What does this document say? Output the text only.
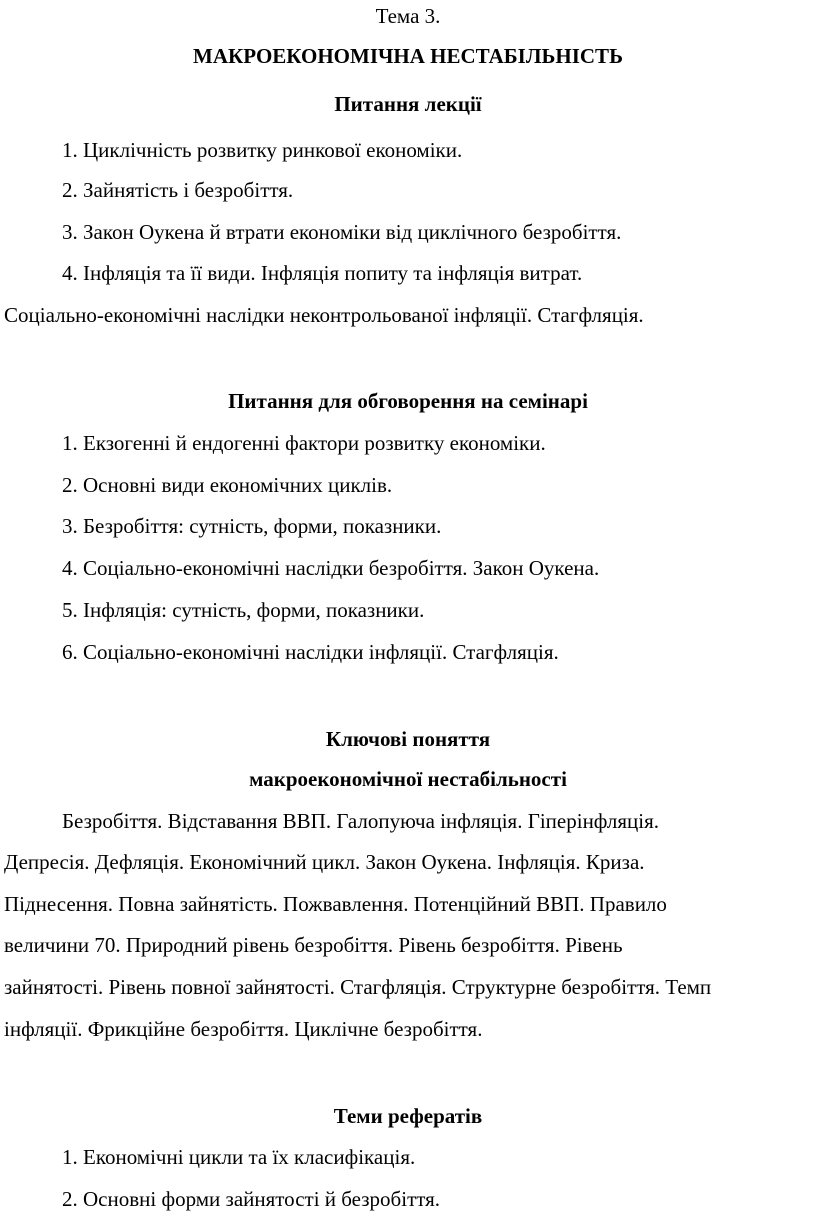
Тема 3.
МАКРОЕКОНОМІЧНА НЕСТАБІЛЬНІСТЬ
Питання лекції
1. Циклічність розвитку ринкової економіки.
2. Зайнятість і безробіття.
3. Закон Оукена й втрати економіки від циклічного безробіття.
4. Інфляція та її види. Інфляція попиту та інфляція витрат.
Соціально-економічні наслідки неконтрольованої інфляції. Стагфляція.
Питання для обговорення на семінарі
1. Екзогенні й ендогенні фактори розвитку економіки.
2. Основні види економічних циклів.
3. Безробіття: сутність, форми, показники.
4. Соціально-економічні наслідки безробіття. Закон Оукена.
5. Інфляція: сутність, форми, показники.
6. Соціально-економічні наслідки інфляції. Стагфляція.
Ключові поняття
макроекономічної нестабільності
Безробіття. Відставання ВВП. Галопуюча інфляція. Гіперінфляція.
Депресія. Дефляція. Економічний цикл. Закон Оукена. Інфляція. Криза.
Піднесення. Повна зайнятість. Пожвавлення. Потенційний ВВП. Правило
величини 70. Природний рівень безробіття. Рівень безробіття. Рівень
зайнятості. Рівень повної зайнятості. Стагфляція. Структурне безробіття. Темп
інфляції. Фрикційне безробіття. Циклічне безробіття.
Теми рефератів
1. Економічні цикли та їх класифікація.
2. Основні форми зайнятості й безробіття.
